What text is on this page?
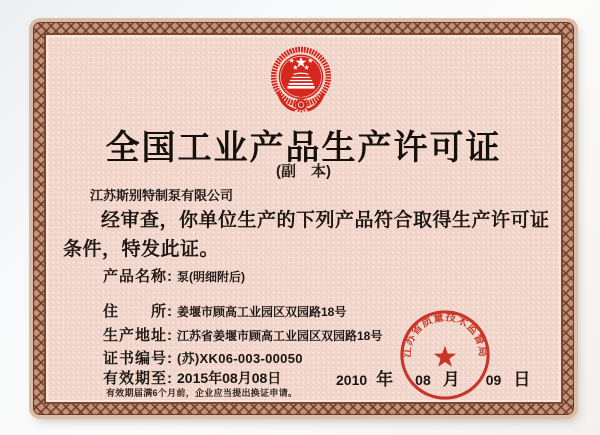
全国工业产品生产许可证
(副　本)
江苏斯别特制泵有限公司
经审查，你单位生产的下列产品符合取得生产许可证
条件，特发此证。
产品名称: 泵(明细附后)
住　　所: 姜堰市顾高工业园区双园路18号
生产地址: 江苏省姜堰市顾高工业园区双园路18号
证书编号: (苏)XK06-003-00050
有效期至: 2015年08月08日
有效期届满6个月前，企业应当提出换证申请。
2010 年 08 月 09 日
江苏省质量技术监督局
